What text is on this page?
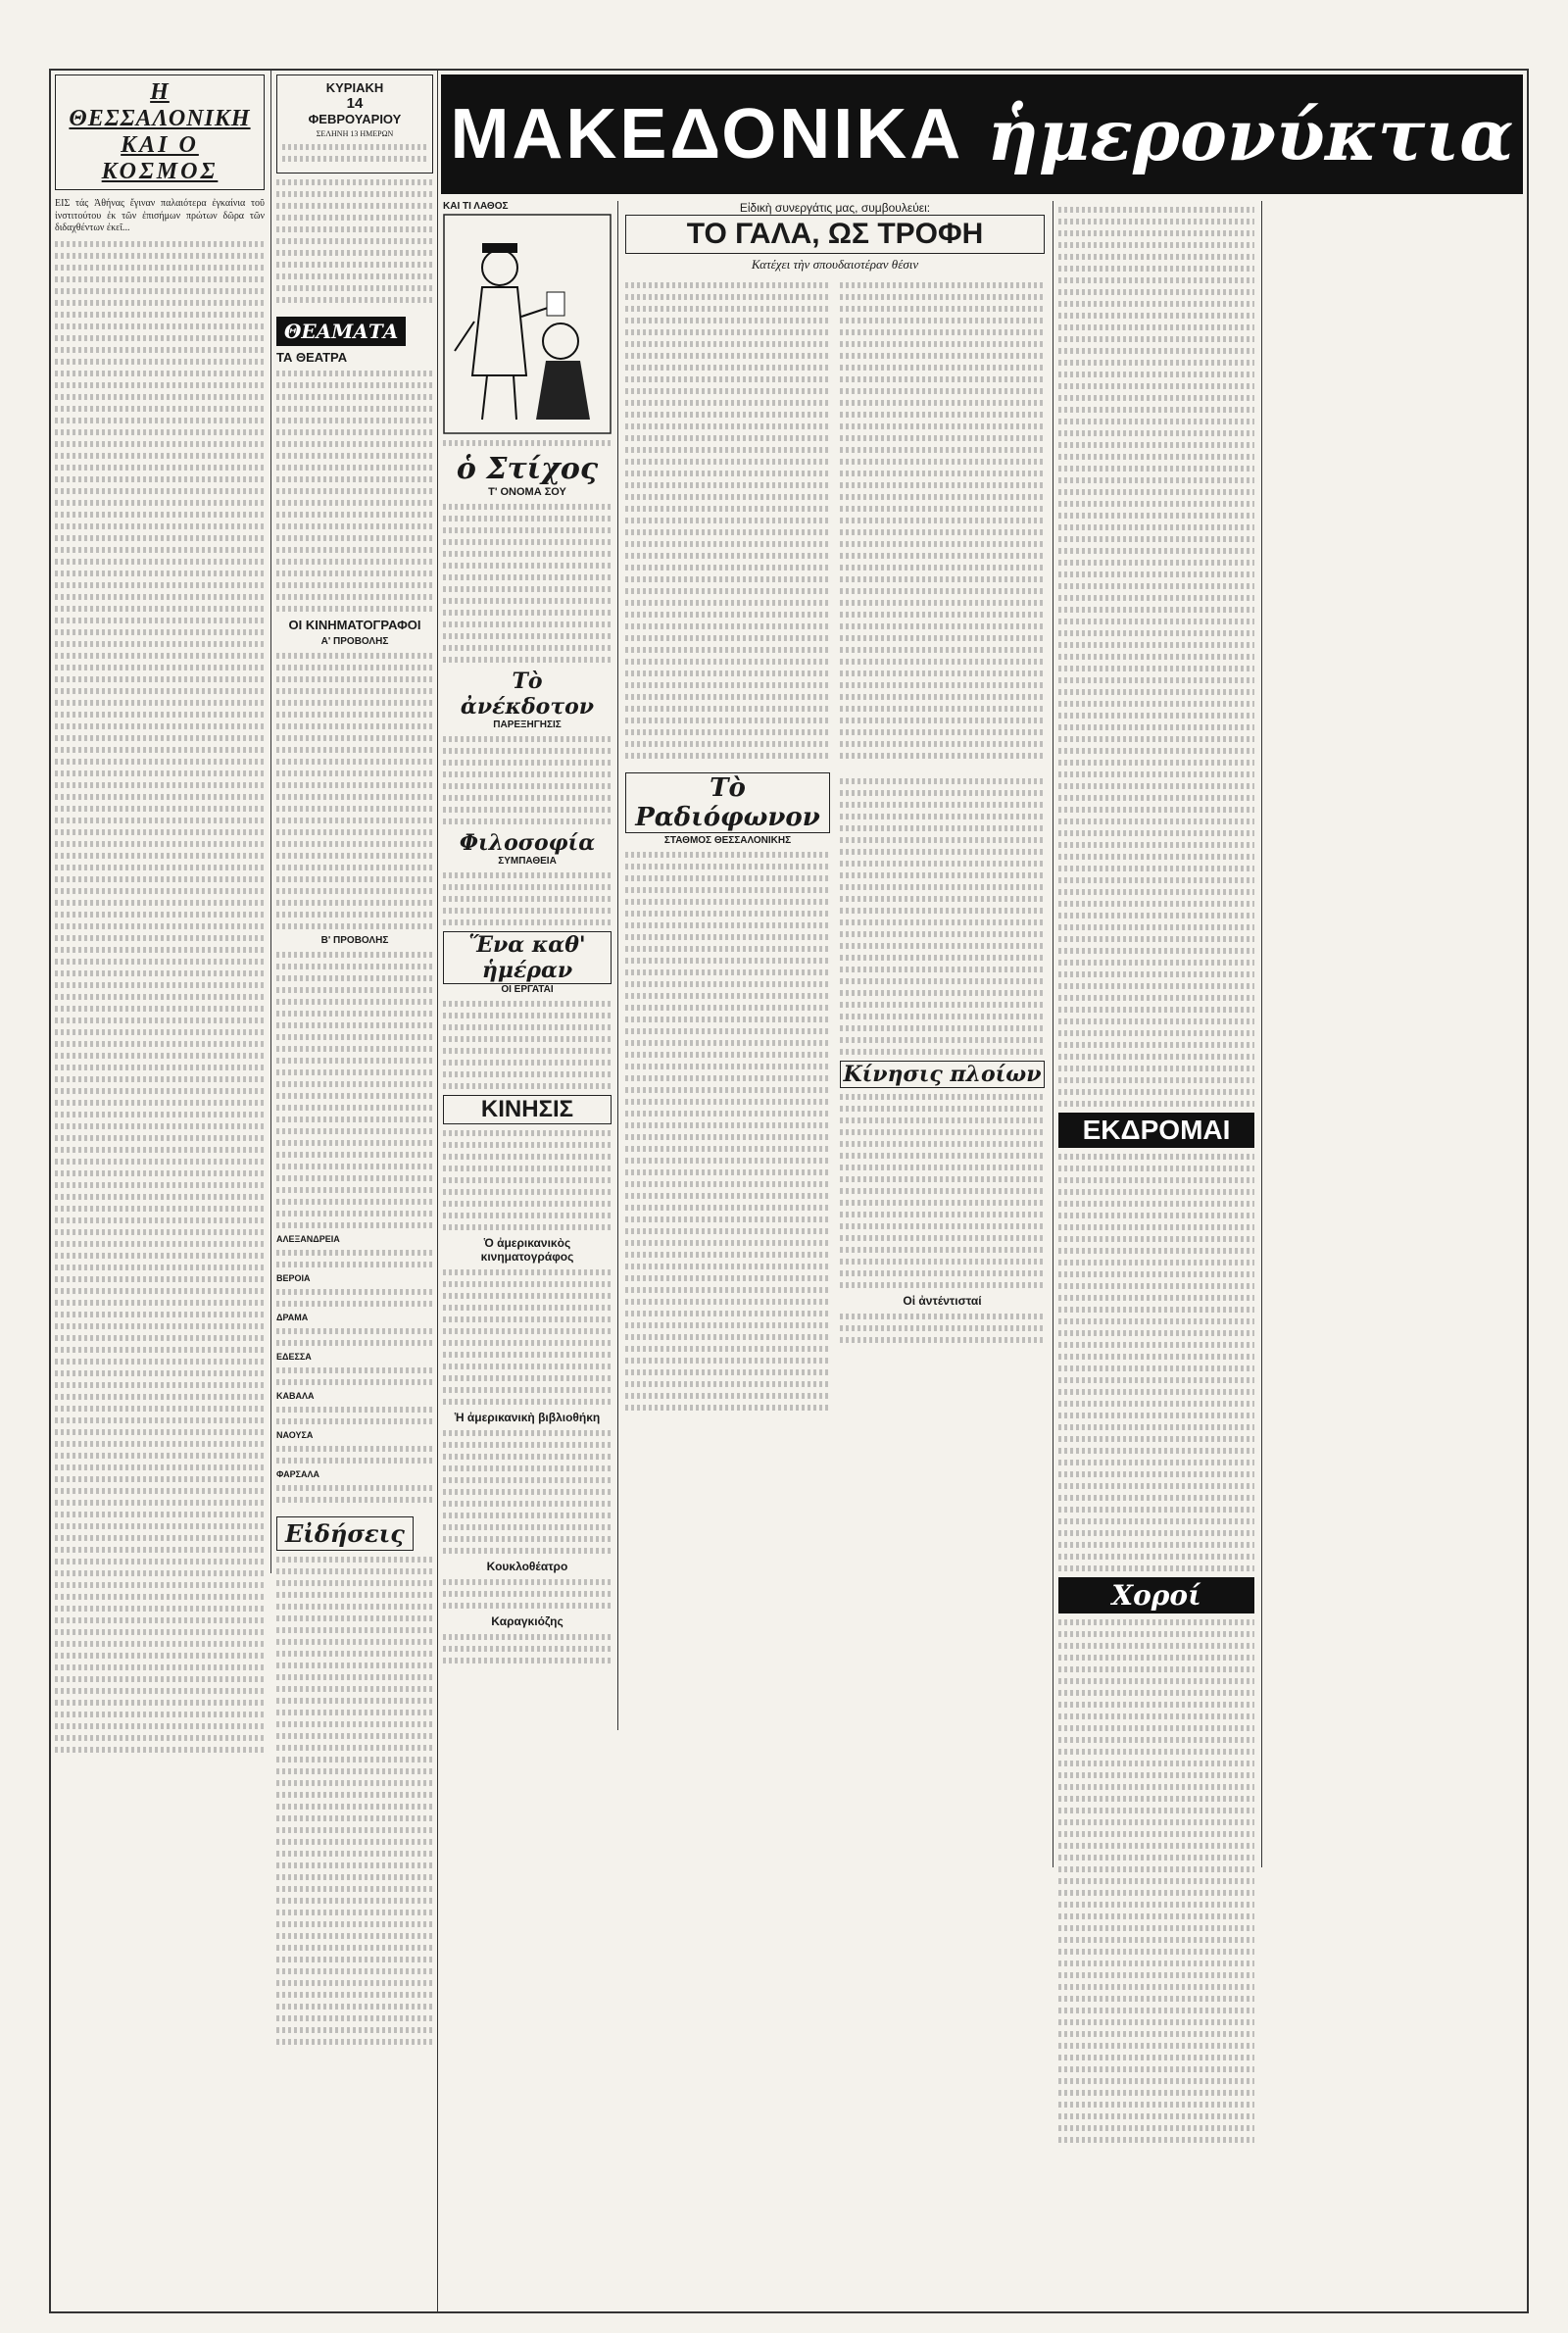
Η ΘΕΣΣΑΛΟΝΙΚΗ
ΚΑΙ Ο ΚΟΣΜΟΣ

ΕΙΣ τάς Ἀθήνας ἔγιναν παλαιότερα ἐγκαίνια τοῦ ἰνστιτούτου ἐκ τῶν ἐπισήμων πρώτων δῶρα τῶν διδαχθέντων ἐκεῖ...

ΚΥΡΙΑΚΗ
14
ΦΕΒΡΟΥΑΡΙΟΥ
ΣΕΛΗΝΗ 13 ΗΜΕΡΩΝ
ΘΕΑΜΑΤΑ
ΤΑ ΘΕΑΤΡΑ
ΟΙ ΚΙΝΗΜΑΤΟΓΡΑΦΟΙ
Α' ΠΡΟΒΟΛΗΣ
Β' ΠΡΟΒΟΛΗΣ
ΑΛΕΞΑΝΔΡΕΙΑ
ΒΕΡΟΙΑ
ΔΡΑΜΑ
ΕΔΕΣΣΑ
ΚΑΒΑΛΑ
ΝΑΟΥΣΑ
ΦΑΡΣΑΛΑ
Εἰδήσεις
ΜΑΚΕΔΟΝΙΚΑ ἡμερονύκτια
ΚΑΙ ΤΙ ΛΑΘΟΣ
ὁ Στίχος
Τ' ΟΝΟΜΑ ΣΟΥ
Τὸ ἀνέκδοτον
ΠΑΡΕΞΗΓΗΣΙΣ
Φιλοσοφία
ΣΥΜΠΑΘΕΙΑ
Ἕνα καθ' ἡμέραν
ΟΙ ΕΡΓΑΤΑΙ
ΚΙΝΗΣΙΣ
Ὁ ἀμερικανικὸς κινηματογράφος
Ἡ ἀμερικανικὴ βιβλιοθήκη
Κουκλοθέατρο
Καραγκιόζης
Εἰδικὴ συνεργάτις μας, συμβουλεύει:
ΤΟ ΓΑΛΑ, ΩΣ ΤΡΟΦΗ
Κατέχει τὴν σπουδαιοτέραν θέσιν
Τὸ Ραδιόφωνον
ΣΤΑΘΜΟΣ ΘΕΣΣΑΛΟΝΙΚΗΣ
Κίνησις πλοίων
Οἱ ἀντέντισταί
ΕΚΔΡΟΜΑΙ
Χοροί
